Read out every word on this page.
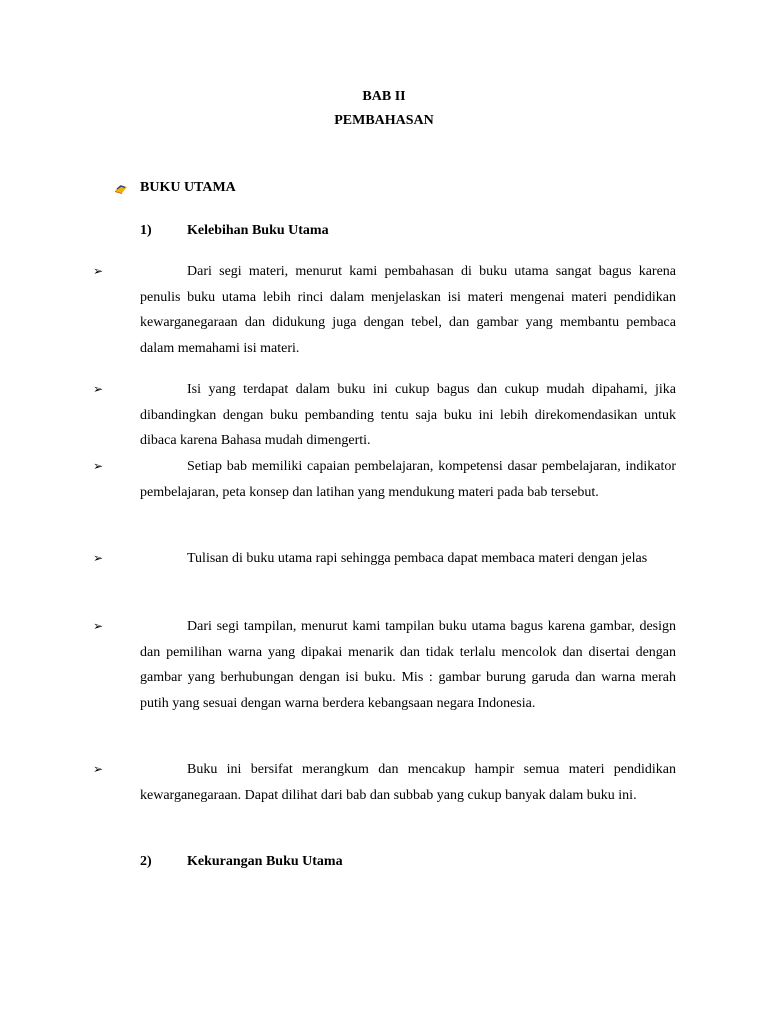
BAB II
PEMBAHASAN
BUKU UTAMA
1)	Kelebihan Buku Utama
➢	Dari segi materi, menurut kami pembahasan di buku utama sangat bagus karena penulis buku utama lebih rinci dalam menjelaskan isi materi mengenai materi pendidikan kewarganegaraan dan didukung juga dengan tebel, dan gambar yang membantu pembaca dalam memahami isi materi.
➢	Isi yang terdapat dalam buku ini cukup bagus dan cukup mudah dipahami, jika dibandingkan dengan buku pembanding tentu saja buku ini lebih direkomendasikan untuk dibaca karena Bahasa mudah dimengerti.
➢	Setiap bab memiliki capaian pembelajaran, kompetensi dasar pembelajaran, indikator pembelajaran, peta konsep dan latihan yang mendukung materi pada bab tersebut.
➢	Tulisan di buku utama rapi sehingga pembaca dapat membaca materi dengan jelas
➢	Dari segi tampilan, menurut kami tampilan buku utama bagus karena gambar, design dan pemilihan warna yang dipakai menarik dan tidak terlalu mencolok dan disertai dengan gambar yang berhubungan dengan isi buku. Mis : gambar burung garuda dan warna merah putih yang sesuai dengan warna berdera kebangsaan negara Indonesia.
➢	Buku ini bersifat merangkum dan mencakup hampir semua materi pendidikan kewarganegaraan. Dapat dilihat dari bab dan subbab yang cukup banyak dalam buku ini.
2)	Kekurangan Buku Utama
